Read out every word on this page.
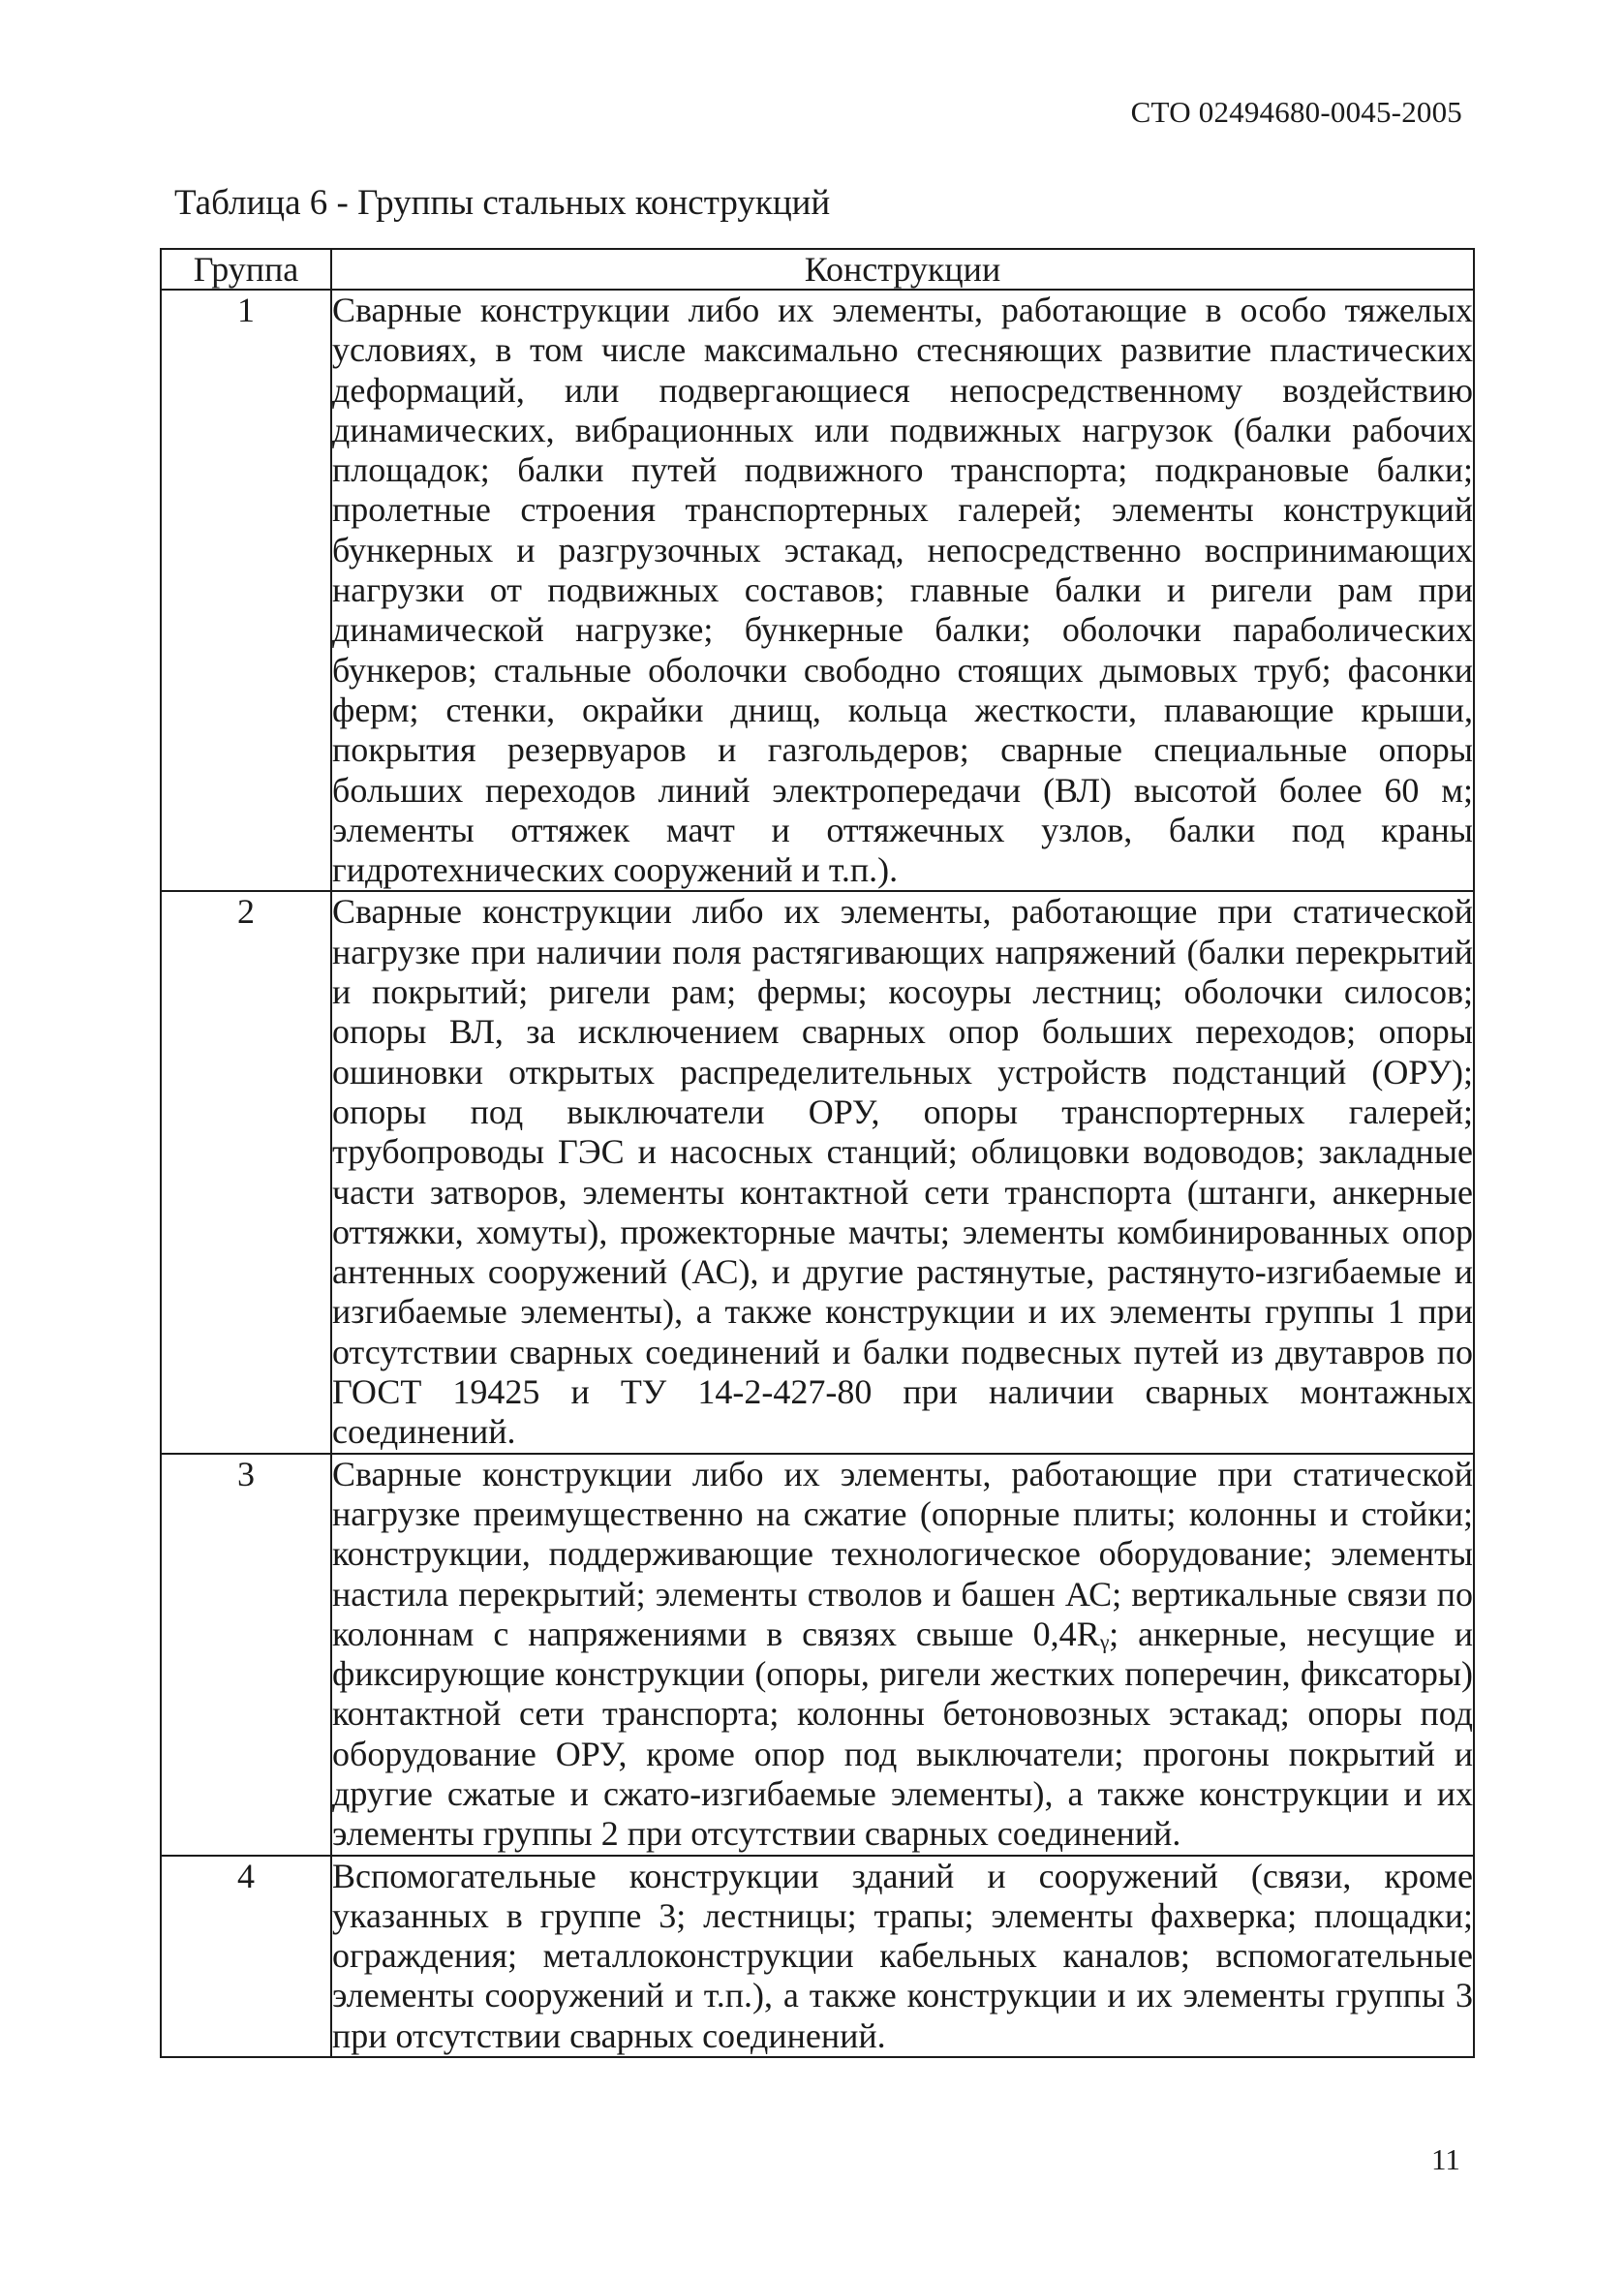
СТО 02494680-0045-2005
Таблица 6 - Группы стальных конструкций
Группа	Конструкции
1	Сварные конструкции либо их элементы, работающие в особо тяжелых условиях, в том числе максимально стесняющих развитие пластических деформаций, или подвергающиеся непосредственному воздействию динамических, вибрационных или подвижных нагрузок (балки рабочих площадок; балки путей подвижного транспорта; подкрановые балки; пролетные строения транспортерных галерей; элементы конструкций бункерных и разгрузочных эстакад, непосредственно воспринимающих нагрузки от подвижных составов; главные балки и ригели рам при динамической нагрузке; бункерные балки; оболочки параболических бункеров; стальные оболочки свободно стоящих дымовых труб; фасонки ферм; стенки, окрайки днищ, кольца жесткости, плавающие крыши, покрытия резервуаров и газгольдеров; сварные специальные опоры больших переходов линий электропередачи (ВЛ) высотой более 60 м; элементы оттяжек мачт и оттяжечных узлов, балки под краны гидротехнических сооружений и т.п.).
2	Сварные конструкции либо их элементы, работающие при статической нагрузке при наличии поля растягивающих напряжений (балки перекрытий и покрытий; ригели рам; фермы; косоуры лестниц; оболочки силосов; опоры ВЛ, за исключением сварных опор больших переходов; опоры ошиновки открытых распределительных устройств подстанций (ОРУ); опоры под выключатели ОРУ, опоры транспортерных галерей; трубопроводы ГЭС и насосных станций; облицовки водоводов; закладные части затворов, элементы контактной сети транспорта (штанги, анкерные оттяжки, хомуты), прожекторные мачты; элементы комбинированных опор антенных сооружений (АС), и другие растянутые, растянуто-изгибаемые и изгибаемые элементы), а также конструкции и их элементы группы 1 при отсутствии сварных соединений и балки подвесных путей из двутавров по ГОСТ 19425 и ТУ 14-2-427-80 при наличии сварных монтажных соединений.
3	Сварные конструкции либо их элементы, работающие при статической нагрузке преимущественно на сжатие (опорные плиты; колонны и стойки; конструкции, поддерживающие технологическое оборудование; элементы настила перекрытий; элементы стволов и башен АС; вертикальные связи по колоннам с напряжениями в связях свыше 0,4Rᵧ; анкерные, несущие и фиксирующие конструкции (опоры, ригели жестких поперечин, фиксаторы) контактной сети транспорта; колонны бетоновозных эстакад; опоры под оборудование ОРУ, кроме опор под выключатели; прогоны покрытий и другие сжатые и сжато-изгибаемые элементы), а также конструкции и их элементы группы 2 при отсутствии сварных соединений.
4	Вспомогательные конструкции зданий и сооружений (связи, кроме указанных в группе 3; лестницы; трапы; элементы фахверка; площадки; ограждения; металлоконструкции кабельных каналов; вспомогательные элементы сооружений и т.п.), а также конструкции и их элементы группы 3 при отсутствии сварных соединений.
11
